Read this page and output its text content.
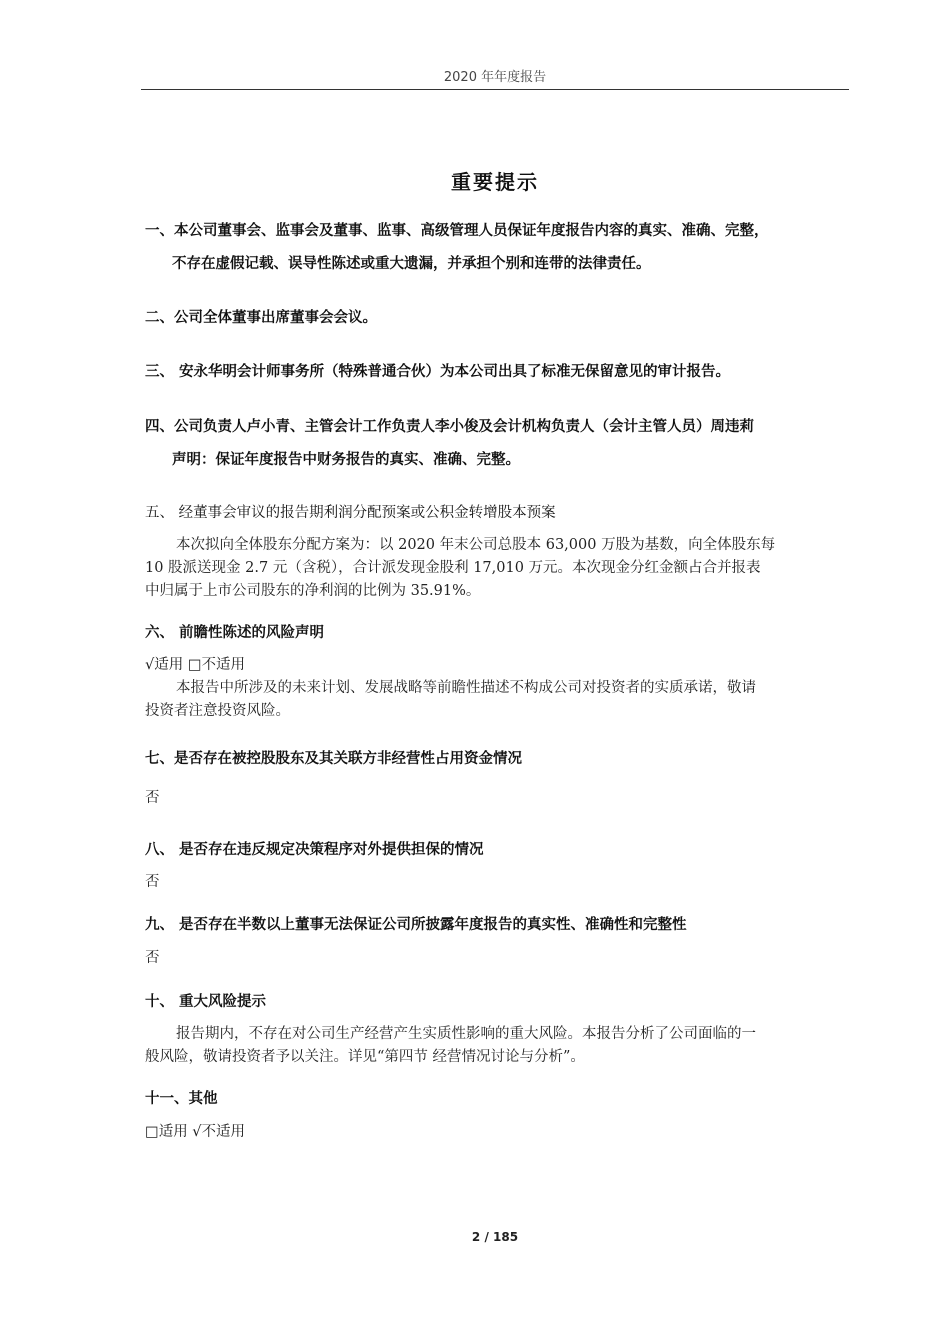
2020 年年度报告
重要提示
一、本公司董事会、监事会及董事、监事、高级管理人员保证年度报告内容的真实、准确、完整，
不存在虚假记载、误导性陈述或重大遗漏，并承担个别和连带的法律责任。
二、公司全体董事出席董事会会议。
三、 安永华明会计师事务所（特殊普通合伙）为本公司出具了标准无保留意见的审计报告。
四、公司负责人卢小青、主管会计工作负责人李小俊及会计机构负责人（会计主管人员）周违莉
声明：保证年度报告中财务报告的真实、准确、完整。
五、 经董事会审议的报告期利润分配预案或公积金转增股本预案
本次拟向全体股东分配方案为：以 2020 年末公司总股本 63,000 万股为基数，向全体股东每
10 股派送现金 2.7 元（含税），合计派发现金股利 17,010 万元。本次现金分红金额占合并报表
中归属于上市公司股东的净利润的比例为 35.91%。
六、 前瞻性陈述的风险声明
√适用 □不适用
本报告中所涉及的未来计划、发展战略等前瞻性描述不构成公司对投资者的实质承诺，敬请
投资者注意投资风险。
七、是否存在被控股股东及其关联方非经营性占用资金情况
否
八、 是否存在违反规定决策程序对外提供担保的情况
否
九、 是否存在半数以上董事无法保证公司所披露年度报告的真实性、准确性和完整性
否
十、 重大风险提示
报告期内，不存在对公司生产经营产生实质性影响的重大风险。本报告分析了公司面临的一
般风险，敬请投资者予以关注。详见“第四节 经营情况讨论与分析”。
十一、其他
□适用 √不适用
2 / 185
